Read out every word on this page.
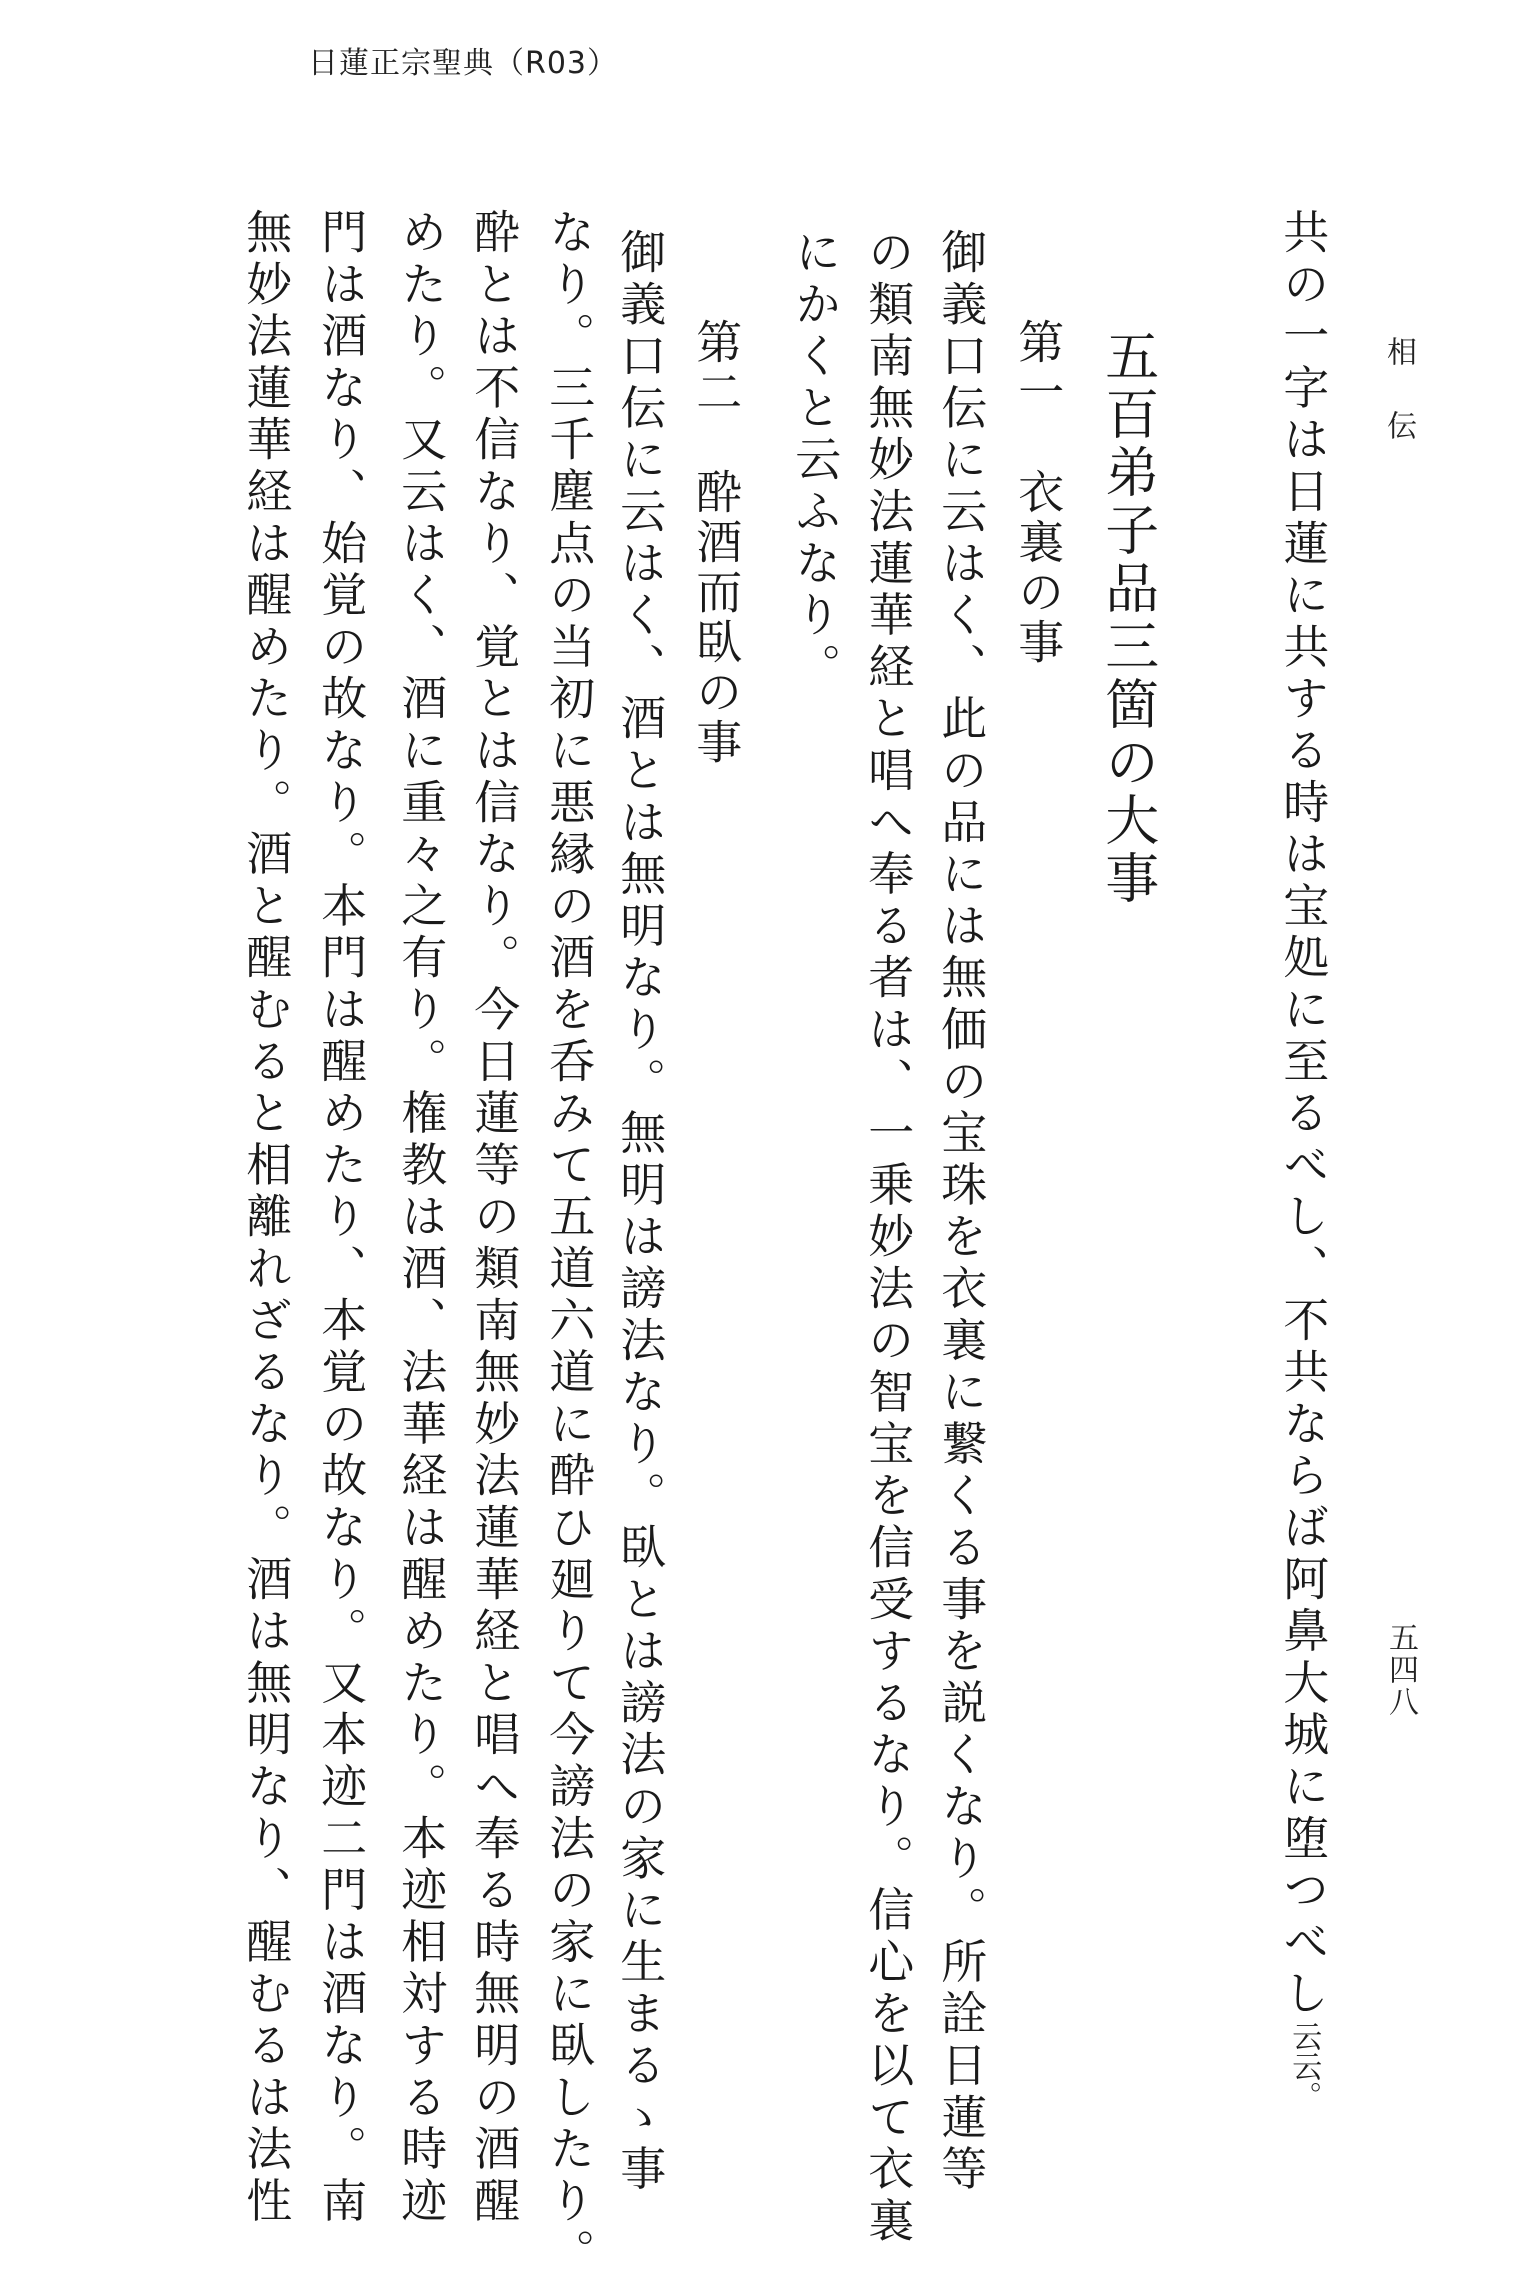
日蓮正宗聖典（R03）
相伝
五四八
共の一字は日蓮に共する時は宝処に至るべし、不共ならば阿鼻大城に堕つべし云云。
五百弟子品三箇の大事
第一　衣裏の事
御義口伝に云はく、此の品には無価の宝珠を衣裏に繋くる事を説くなり。所詮日蓮等
の類南無妙法蓮華経と唱へ奉る者は、一乗妙法の智宝を信受するなり。信心を以て衣裏
にかくと云ふなり。
第二　酔酒而臥の事
御義口伝に云はく、酒とは無明なり。無明は謗法なり。臥とは謗法の家に生まるゝ事
なり。三千塵点の当初に悪縁の酒を呑みて五道六道に酔ひ廻りて今謗法の家に臥したり。
酔とは不信なり、覚とは信なり。今日蓮等の類南無妙法蓮華経と唱へ奉る時無明の酒醒
めたり。又云はく、酒に重々之有り。権教は酒、法華経は醒めたり。本迹相対する時迹
門は酒なり、始覚の故なり。本門は醒めたり、本覚の故なり。又本迹二門は酒なり。南
無妙法蓮華経は醒めたり。酒と醒むると相離れざるなり。酒は無明なり、醒むるは法性
